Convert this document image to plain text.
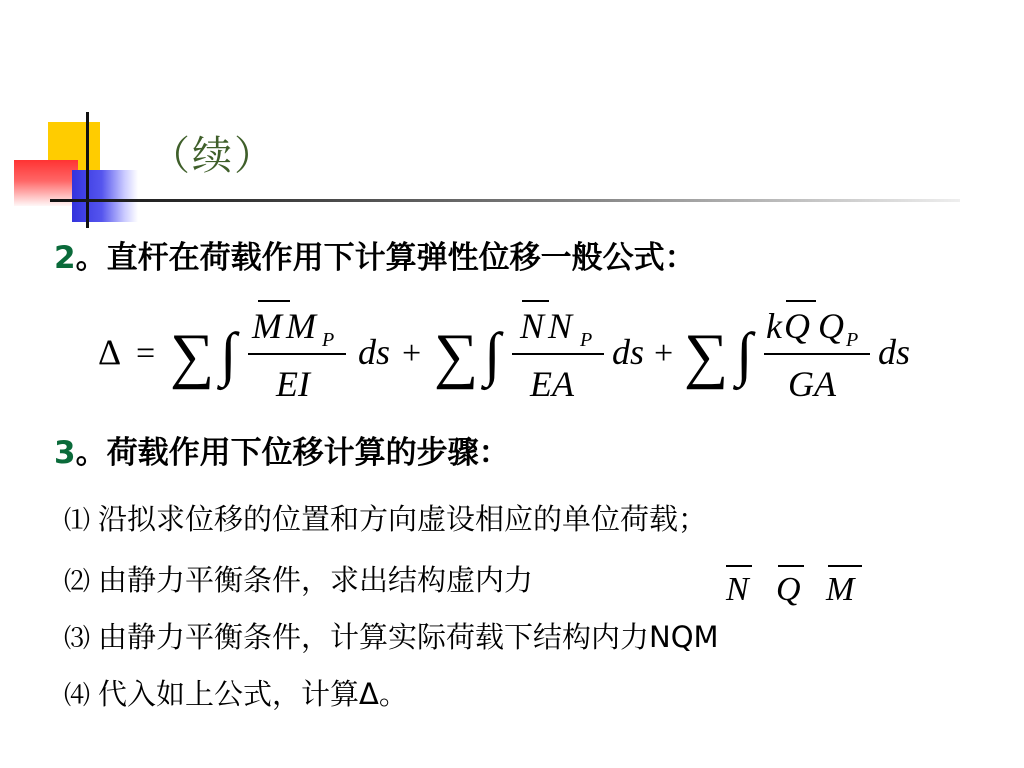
（续）
2。直杆在荷载作用下计算弹性位移一般公式：
Δ = ∑ ∫ M M P
EI
ds + ∑ ∫ N N P
EA
ds + ∑ ∫ k Q Q P
GA
ds
3。荷载作用下位移计算的步骤：
⑴ 沿拟求位移的位置和方向虚设相应的单位荷载；
⑵ 由静力平衡条件，求出结构虚内力	N Q M
⑶ 由静力平衡条件，计算实际荷载下结构内力NQM
⑷ 代入如上公式，计算Δ。
